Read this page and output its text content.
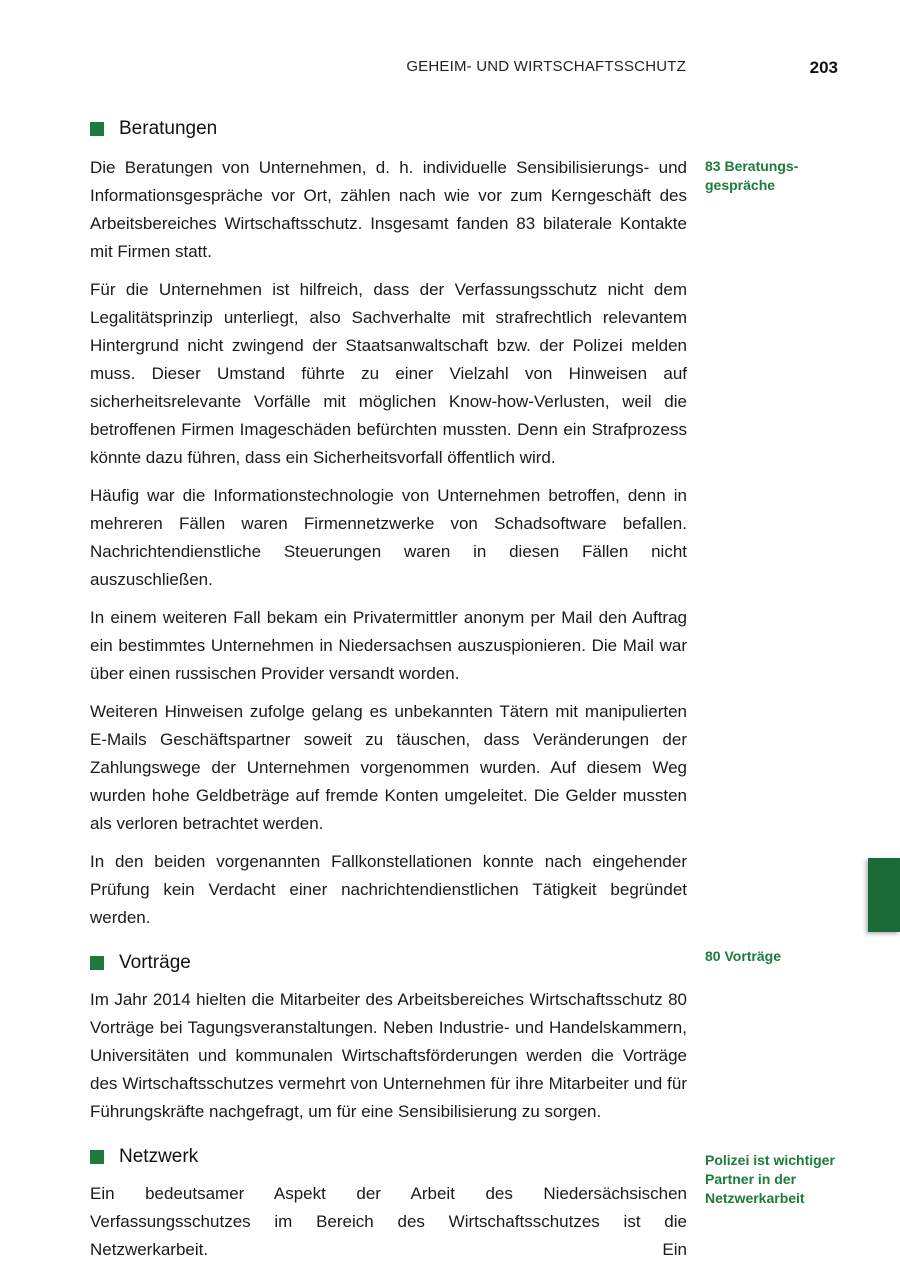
GEHEIM- UND WIRTSCHAFTSSCHUTZ	203
Beratungen

Die Beratungen von Unternehmen, d. h. individuelle Sensibilisierungs- und Informationsgespräche vor Ort, zählen nach wie vor zum Kerngeschäft des Arbeitsbereiches Wirtschaftsschutz. Insgesamt fanden 83 bilaterale Kontakte mit Firmen statt.

Für die Unternehmen ist hilfreich, dass der Verfassungsschutz nicht dem Legalitätsprinzip unterliegt, also Sachverhalte mit strafrechtlich relevantem Hintergrund nicht zwingend der Staatsanwaltschaft bzw. der Polizei melden muss. Dieser Umstand führte zu einer Vielzahl von Hinweisen auf sicherheitsrelevante Vorfälle mit möglichen Know-how-Verlusten, weil die betroffenen Firmen Imageschäden befürchten mussten. Denn ein Strafprozess könnte dazu führen, dass ein Sicherheitsvorfall öffentlich wird.

Häufig war die Informationstechnologie von Unternehmen betroffen, denn in mehreren Fällen waren Firmennetzwerke von Schadsoftware befallen. Nachrichtendienstliche Steuerungen waren in diesen Fällen nicht auszuschließen.

In einem weiteren Fall bekam ein Privatermittler anonym per Mail den Auftrag ein bestimmtes Unternehmen in Niedersachsen auszuspionieren. Die Mail war über einen russischen Provider versandt worden.

Weiteren Hinweisen zufolge gelang es unbekannten Tätern mit manipulierten E-Mails Geschäftspartner soweit zu täuschen, dass Veränderungen der Zahlungswege der Unternehmen vorgenommen wurden. Auf diesem Weg wurden hohe Geldbeträge auf fremde Konten umgeleitet. Die Gelder mussten als verloren betrachtet werden.

In den beiden vorgenannten Fallkonstellationen konnte nach eingehender Prüfung kein Verdacht einer nachrichtendienstlichen Tätigkeit begründet werden.

Vorträge

Im Jahr 2014 hielten die Mitarbeiter des Arbeitsbereiches Wirtschaftsschutz 80 Vorträge bei Tagungsveranstaltungen. Neben Industrie- und Handelskammern, Universitäten und kommunalen Wirtschaftsförderungen werden die Vorträge des Wirtschaftsschutzes vermehrt von Unternehmen für ihre Mitarbeiter und für Führungskräfte nachgefragt, um für eine Sensibilisierung zu sorgen.

Netzwerk

Ein bedeutsamer Aspekt der Arbeit des Niedersächsischen Verfassungsschutzes im Bereich des Wirtschaftsschutzes ist die Netzwerkarbeit. Ein

83 Beratungs-
gespräche
80 Vorträge
Polizei ist wichtiger
Partner in der
Netzwerkarbeit
